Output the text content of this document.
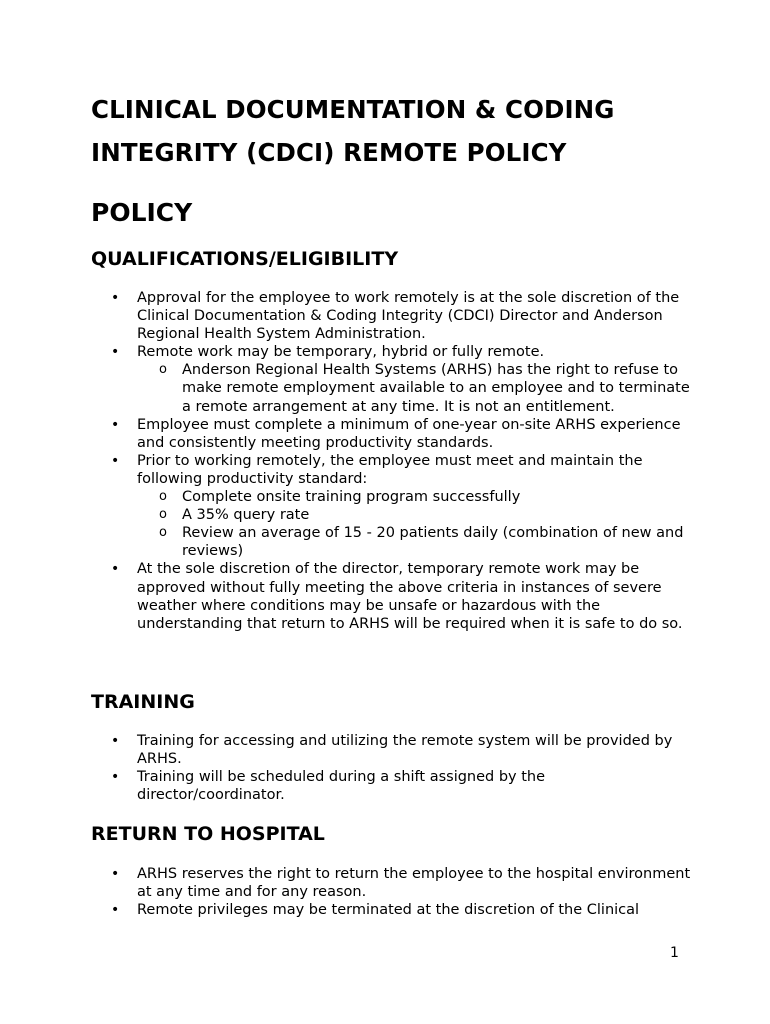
CLINICAL DOCUMENTATION & CODING
INTEGRITY (CDCI) REMOTE POLICY
POLICY
QUALIFICATIONS/ELIGIBILITY
• Approval for the employee to work remotely is at the sole discretion of the Clinical Documentation & Coding Integrity (CDCI) Director and Anderson Regional Health System Administration.
• Remote work may be temporary, hybrid or fully remote.
o Anderson Regional Health Systems (ARHS) has the right to refuse to make remote employment available to an employee and to terminate a remote arrangement at any time. It is not an entitlement.
• Employee must complete a minimum of one-year on-site ARHS experience and consistently meeting productivity standards.
• Prior to working remotely, the employee must meet and maintain the following productivity standard:
o Complete onsite training program successfully
o A 35% query rate
o Review an average of 15 - 20 patients daily (combination of new and reviews)
• At the sole discretion of the director, temporary remote work may be approved without fully meeting the above criteria in instances of severe weather where conditions may be unsafe or hazardous with the understanding that return to ARHS will be required when it is safe to do so.
TRAINING
• Training for accessing and utilizing the remote system will be provided by ARHS.
• Training will be scheduled during a shift assigned by the director/coordinator.
RETURN TO HOSPITAL
• ARHS reserves the right to return the employee to the hospital environment at any time and for any reason.
• Remote privileges may be terminated at the discretion of the Clinical
1
